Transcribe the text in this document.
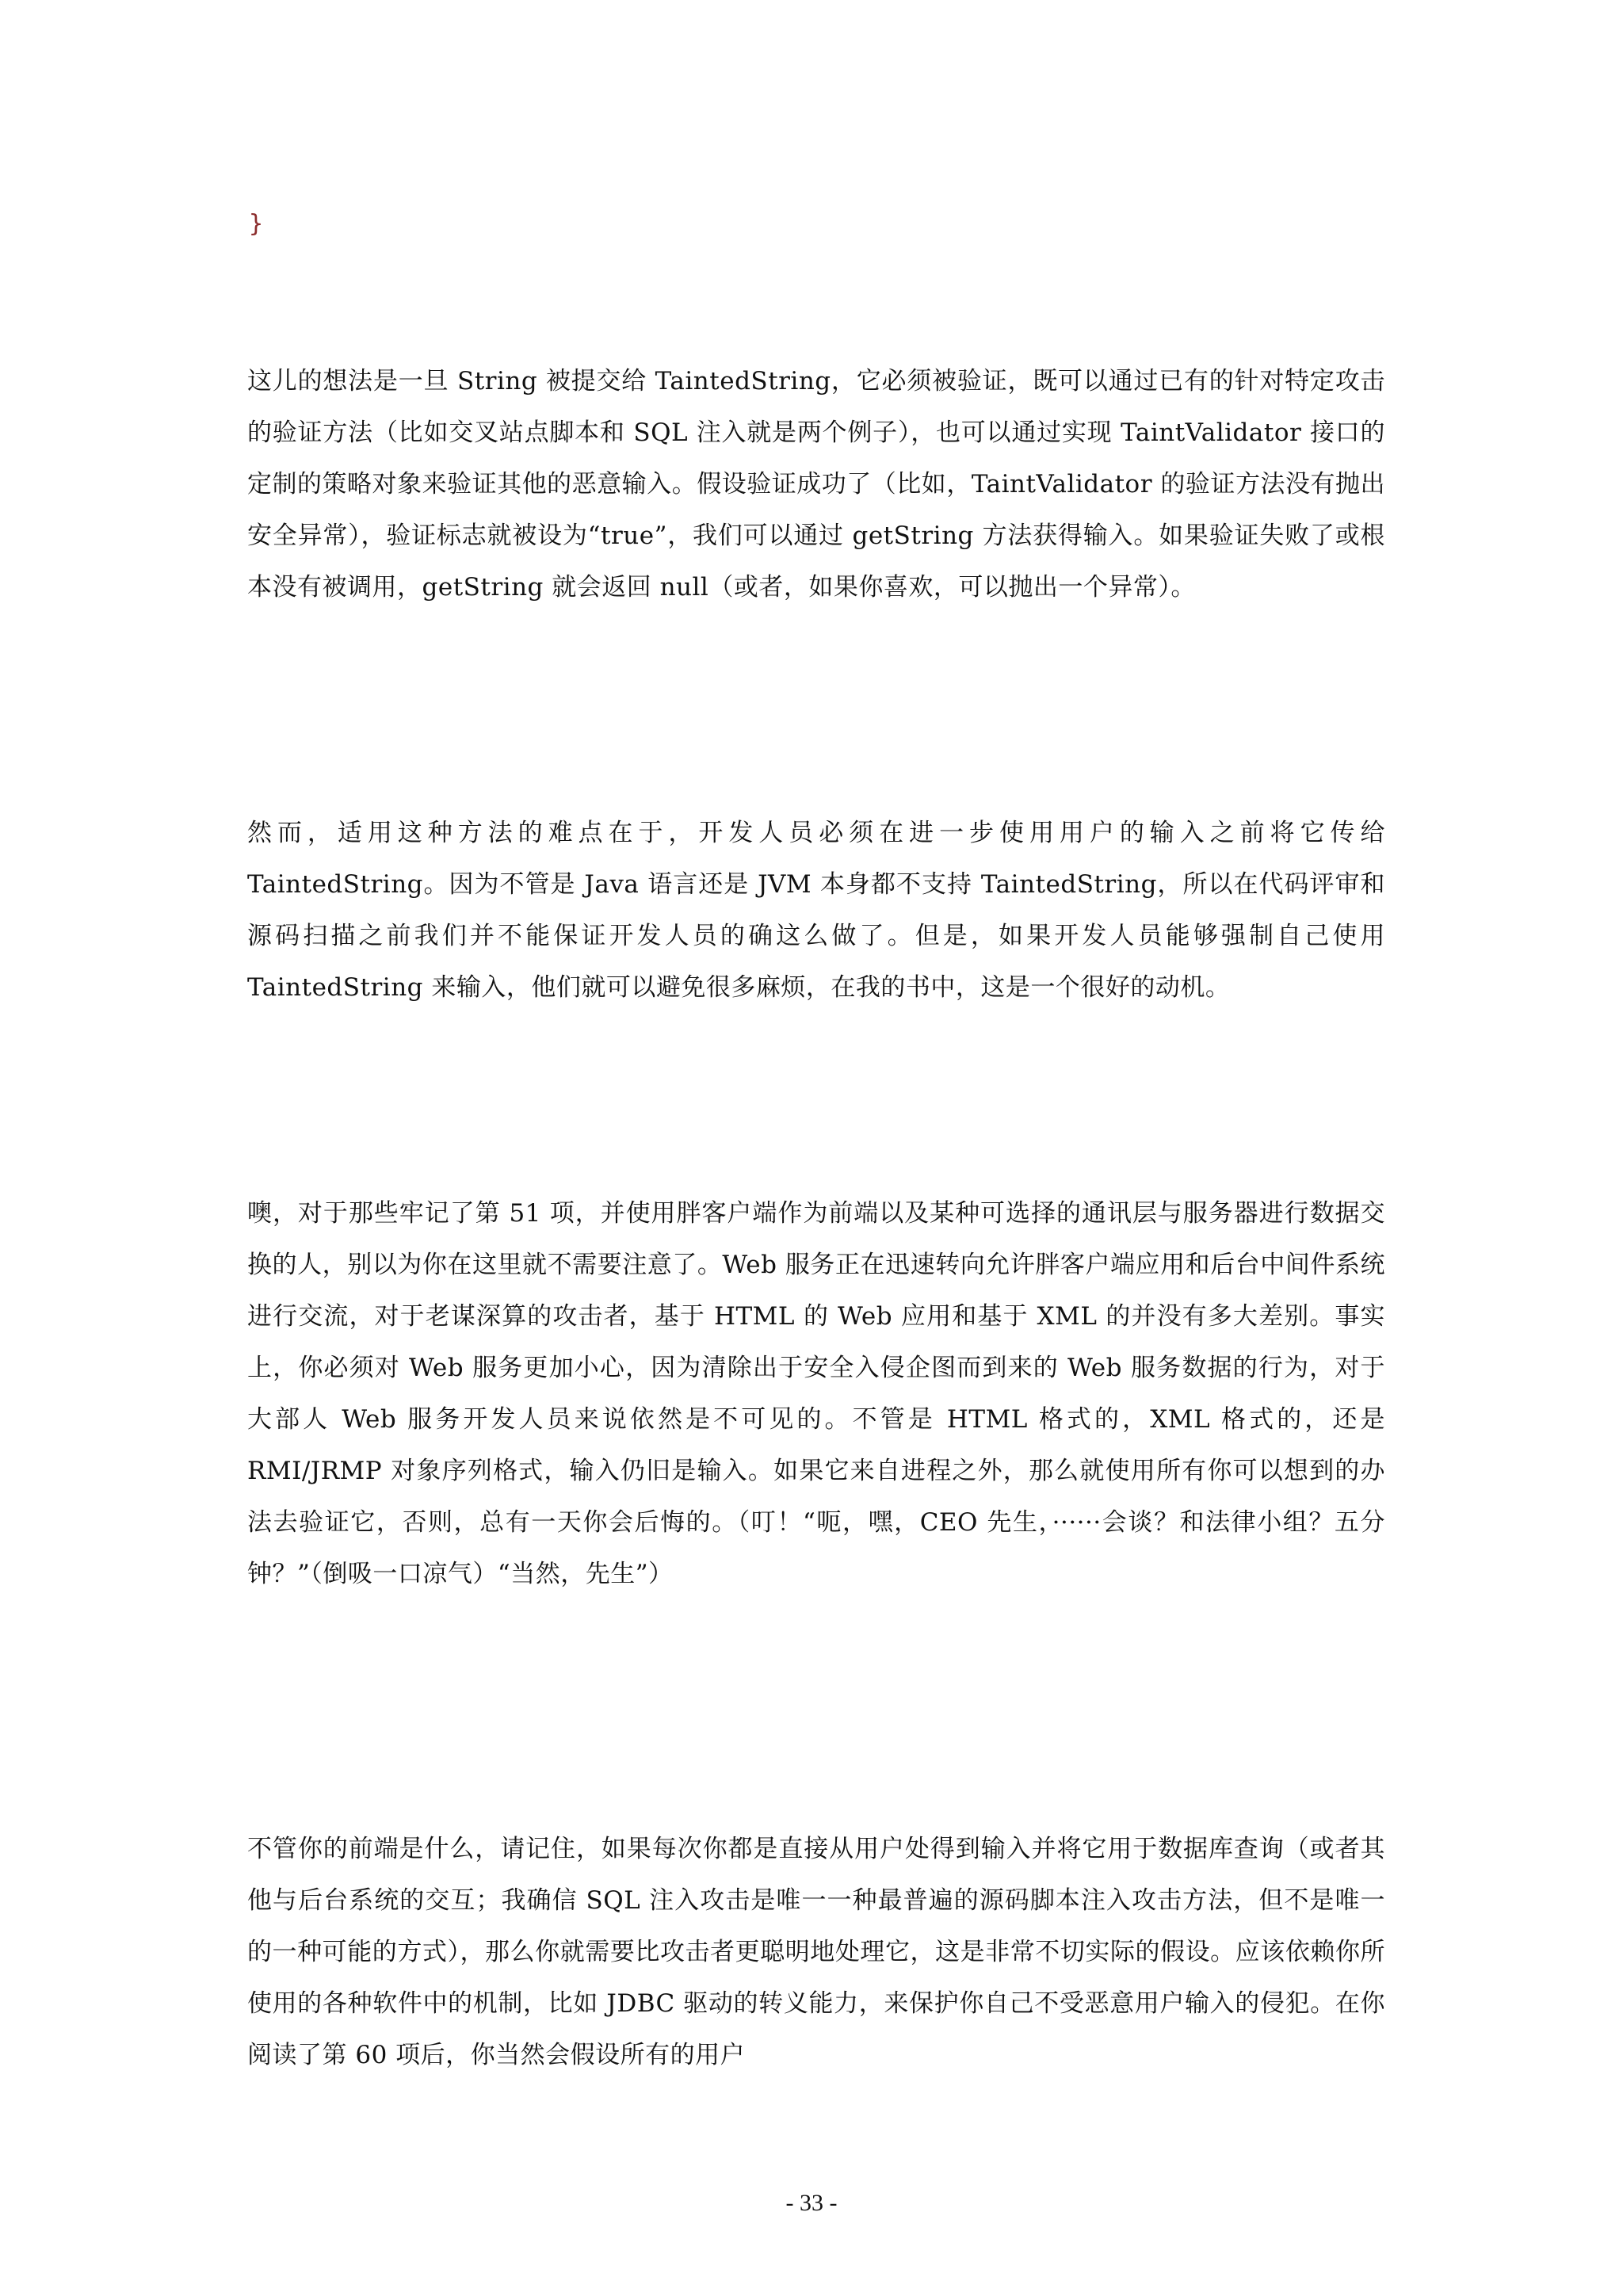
}

这儿的想法是一旦 String 被提交给 TaintedString，它必须被验证，既可以通过已有的针对特定攻击的验证方法（比如交叉站点脚本和 SQL 注入就是两个例子），也可以通过实现 TaintValidator 接口的定制的策略对象来验证其他的恶意输入。假设验证成功了（比如，TaintValidator 的验证方法没有抛出安全异常），验证标志就被设为“true”，我们可以通过 getString 方法获得输入。如果验证失败了或根本没有被调用，getString 就会返回 null（或者，如果你喜欢，可以抛出一个异常）。

然而，适用这种方法的难点在于，开发人员必须在进一步使用用户的输入之前将它传给 TaintedString。因为不管是 Java 语言还是 JVM 本身都不支持 TaintedString，所以在代码评审和源码扫描之前我们并不能保证开发人员的确这么做了。但是，如果开发人员能够强制自己使用 TaintedString 来输入，他们就可以避免很多麻烦，在我的书中，这是一个很好的动机。

噢，对于那些牢记了第 51 项，并使用胖客户端作为前端以及某种可选择的通讯层与服务器进行数据交换的人，别以为你在这里就不需要注意了。Web 服务正在迅速转向允许胖客户端应用和后台中间件系统进行交流，对于老谋深算的攻击者，基于 HTML 的 Web 应用和基于 XML 的并没有多大差别。事实上，你必须对 Web 服务更加小心，因为清除出于安全入侵企图而到来的 Web 服务数据的行为，对于大部人 Web 服务开发人员来说依然是不可见的。不管是 HTML 格式的，XML 格式的，还是 RMI/JRMP 对象序列格式，输入仍旧是输入。如果它来自进程之外，那么就使用所有你可以想到的办法去验证它，否则，总有一天你会后悔的。（叮！“呃，嘿，CEO 先生，······会谈？和法律小组？五分钟？”（倒吸一口凉气）“当然，先生”）

不管你的前端是什么，请记住，如果每次你都是直接从用户处得到输入并将它用于数据库查询（或者其他与后台系统的交互；我确信 SQL 注入攻击是唯一一种最普遍的源码脚本注入攻击方法，但不是唯一的一种可能的方式），那么你就需要比攻击者更聪明地处理它，这是非常不切实际的假设。应该依赖你所使用的各种软件中的机制，比如 JDBC 驱动的转义能力，来保护你自己不受恶意用户输入的侵犯。在你阅读了第 60 项后，你当然会假设所有的用户

- 33 -
